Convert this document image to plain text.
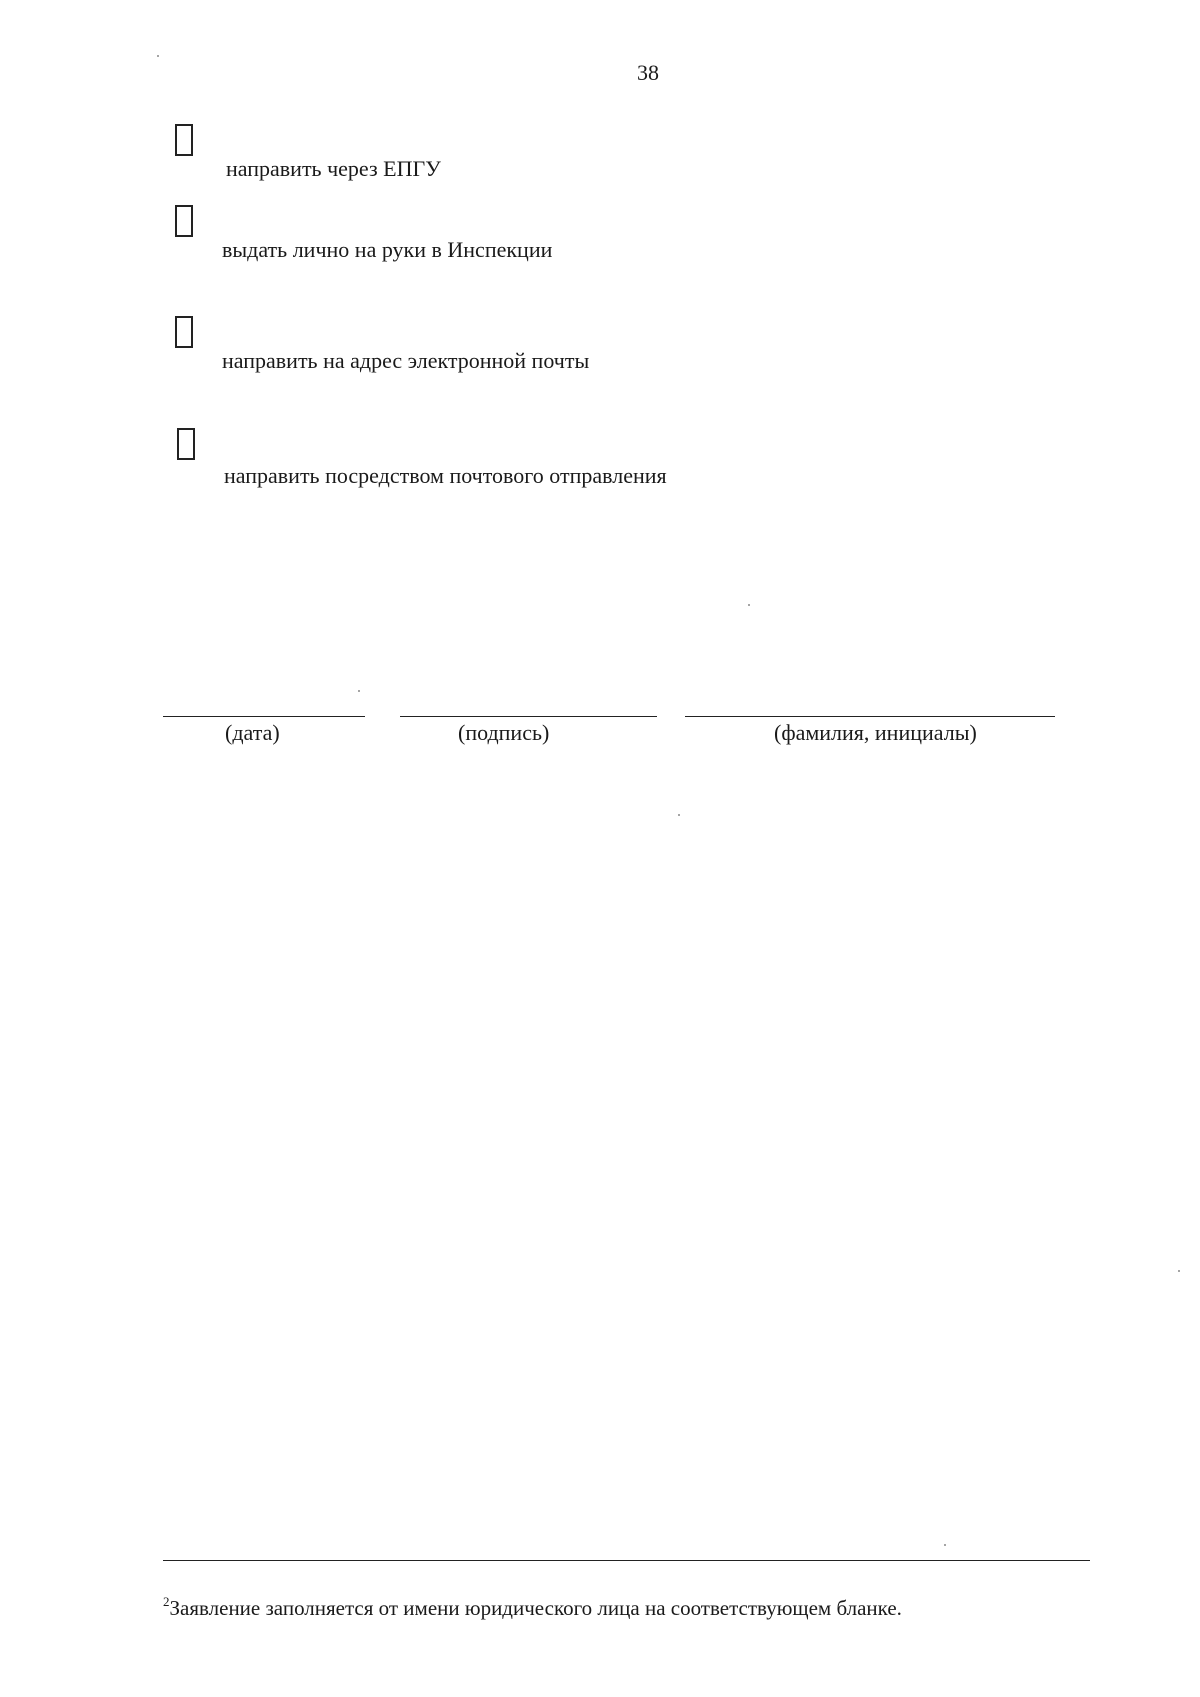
38
направить через ЕПГУ
выдать лично на руки в Инспекции
направить на адрес электронной почты
направить посредством почтового отправления
(дата)	(подпись)	(фамилия, инициалы)
$^2$Заявление заполняется от имени юридического лица на соответствующем бланке.
